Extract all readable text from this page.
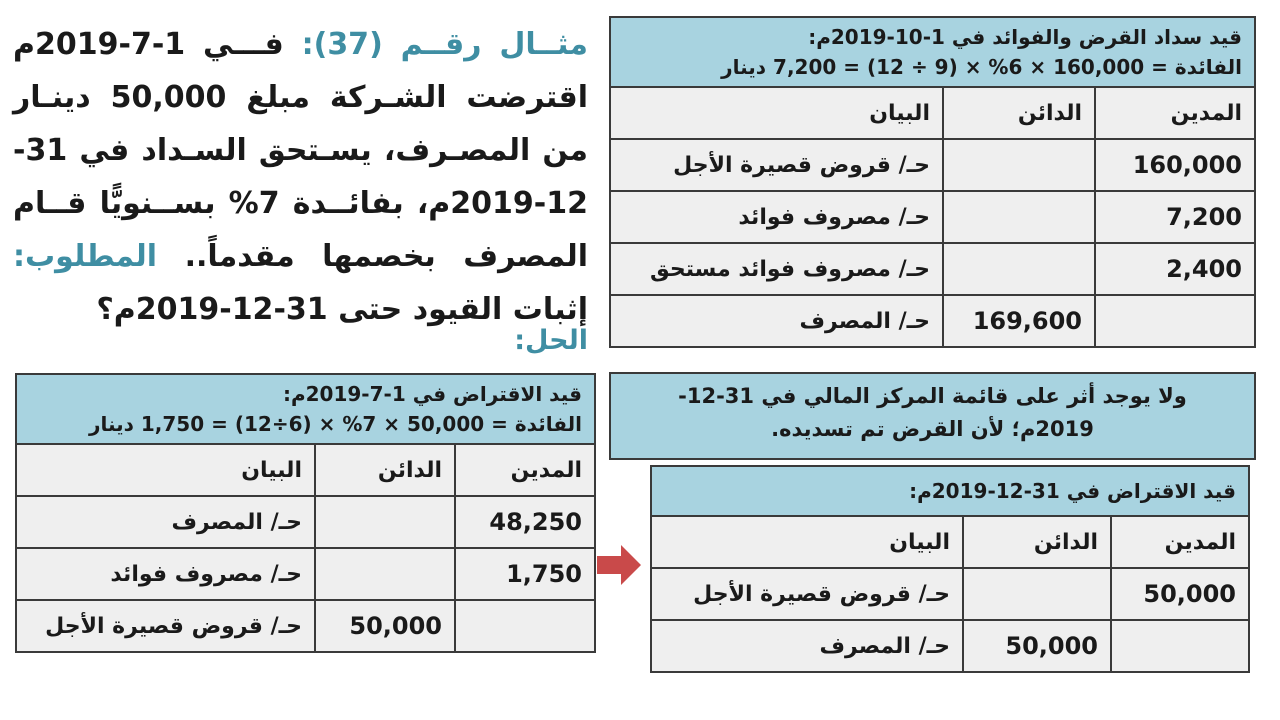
مثــال رقــم (37): فـــي 1-7-2019م اقترضت الشـركة مبلغ 50,000 دينـار من المصـرف، يسـتحق السـداد في 31-12-2019م، بفائــدة 7% بســنويًّا قــام المصرف بخصمها مقدماً.. المطلوب: إثبات القيود حتى 31-12-2019م؟
الحل:
قيد الاقتراض في 1-7-2019م:
الفائدة = 50,000 × 7% × (6÷12) = 1,750 دينار		

المدين	الدائن	البيان
48,250		حـ/ المصرف
1,750		حـ/ مصروف فوائد
	50,000	حـ/ قروض قصيرة الأجل
قيد سداد القرض والفوائد في 1-10-2019م:
الفائدة = 160,000 × 6% × (9 ÷ 12) = 7,200 دينار		

المدين	الدائن	البيان
160,000		حـ/ قروض قصيرة الأجل
7,200		حـ/ مصروف فوائد
2,400		حـ/ مصروف فوائد مستحق
	169,600	حـ/ المصرف
ولا يوجد أثر على قائمة المركز المالي في 31-12-
2019م؛ لأن القرض تم تسديده.
قيد الاقتراض في 31-12-2019م:		
المدين	الدائن	البيان
50,000		حـ/ قروض قصيرة الأجل
	50,000	حـ/ المصرف
